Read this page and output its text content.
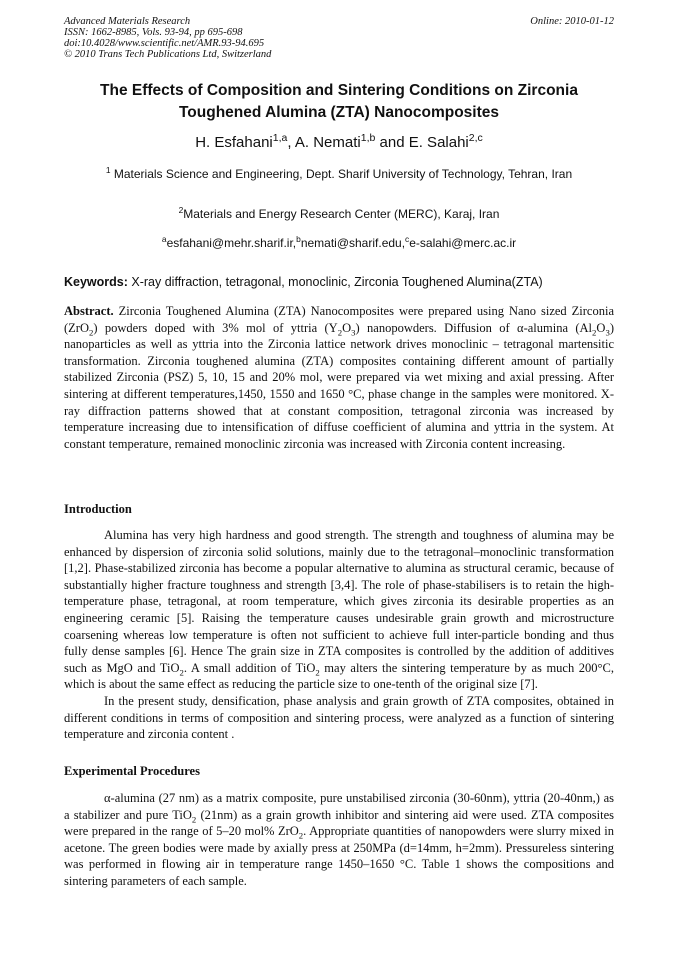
Advanced Materials Research
ISSN: 1662-8985, Vols. 93-94, pp 695-698
doi:10.4028/www.scientific.net/AMR.93-94.695
© 2010 Trans Tech Publications Ltd, Switzerland
Online: 2010-01-12
The Effects of Composition and Sintering Conditions on Zirconia
Toughened Alumina (ZTA) Nanocomposites
H. Esfahani$^{1,a}$, A. Nemati$^{1,b}$ and E. Salahi$^{2,c}$
$^1$ Materials Science and Engineering, Dept. Sharif University of Technology, Tehran, Iran
$^2$Materials and Energy Research Center (MERC), Karaj, Iran
$^a$esfahani@mehr.sharif.ir,$^b$nemati@sharif.edu,$^c$e-salahi@merc.ac.ir
Keywords: X-ray diffraction, tetragonal, monoclinic, Zirconia Toughened Alumina(ZTA)
Abstract. Zirconia Toughened Alumina (ZTA) Nanocomposites were prepared using Nano sized Zirconia (ZrO$_2$) powders doped with 3% mol of yttria $(Y_2O_3)$ nanopowders. Diffusion of α-alumina $(Al_2O_3)$ nanoparticles as well as yttria into the Zirconia lattice network drives monoclinic – tetragonal martensitic transformation. Zirconia toughened alumina (ZTA) composites containing different amount of partially stabilized Zirconia (PSZ) 5, 10, 15 and 20% mol, were prepared via wet mixing and axial pressing. After sintering at different temperatures,1450, 1550 and 1650 °C, phase change in the samples were monitored. X-ray diffraction patterns showed that at constant composition, tetragonal zirconia was increased by temperature increasing due to intensification of diffuse coefficient of alumina and yttria in the system. At constant temperature, remained monoclinic zirconia was increased with Zirconia content increasing.
Introduction

Alumina has very high hardness and good strength. The strength and toughness of alumina may be enhanced by dispersion of zirconia solid solutions, mainly due to the tetragonal–monoclinic transformation [1,2]. Phase-stabilized zirconia has become a popular alternative to alumina as structural ceramic, because of substantially higher fracture toughness and strength [3,4]. The role of phase-stabilisers is to retain the high-temperature phase, tetragonal, at room temperature, which gives zirconia its desirable properties as an engineering ceramic [5]. Raising the temperature causes undesirable grain growth and microstructure coarsening whereas low temperature is often not sufficient to achieve full inter-particle bonding and thus fully dense samples [6]. Hence The grain size in ZTA composites is controlled by the addition of additives such as MgO and TiO$_2$. A small addition of TiO$_2$ may alters the sintering temperature by as much 200°C, which is about the same effect as reducing the particle size to one-tenth of the original size [7].

In the present study, densification, phase analysis and grain growth of ZTA composites, obtained in different conditions in terms of composition and sintering process, were analyzed as a function of sintering temperature and zirconia content .

Experimental Procedures

α-alumina (27 nm) as a matrix composite, pure unstabilised zirconia (30-60nm), yttria (20-40nm,) as a stabilizer and pure TiO$_2$ (21nm) as a grain growth inhibitor and sintering aid were used. ZTA composites were prepared in the range of 5–20 mol% ZrO$_2$. Appropriate quantities of nanopowders were slurry mixed in acetone. The green bodies were made by axially press at 250MPa (d=14mm, h=2mm). Pressureless sintering was performed in flowing air in temperature range 1450–1650 °C. Table 1 shows the compositions and sintering parameters of each sample.
